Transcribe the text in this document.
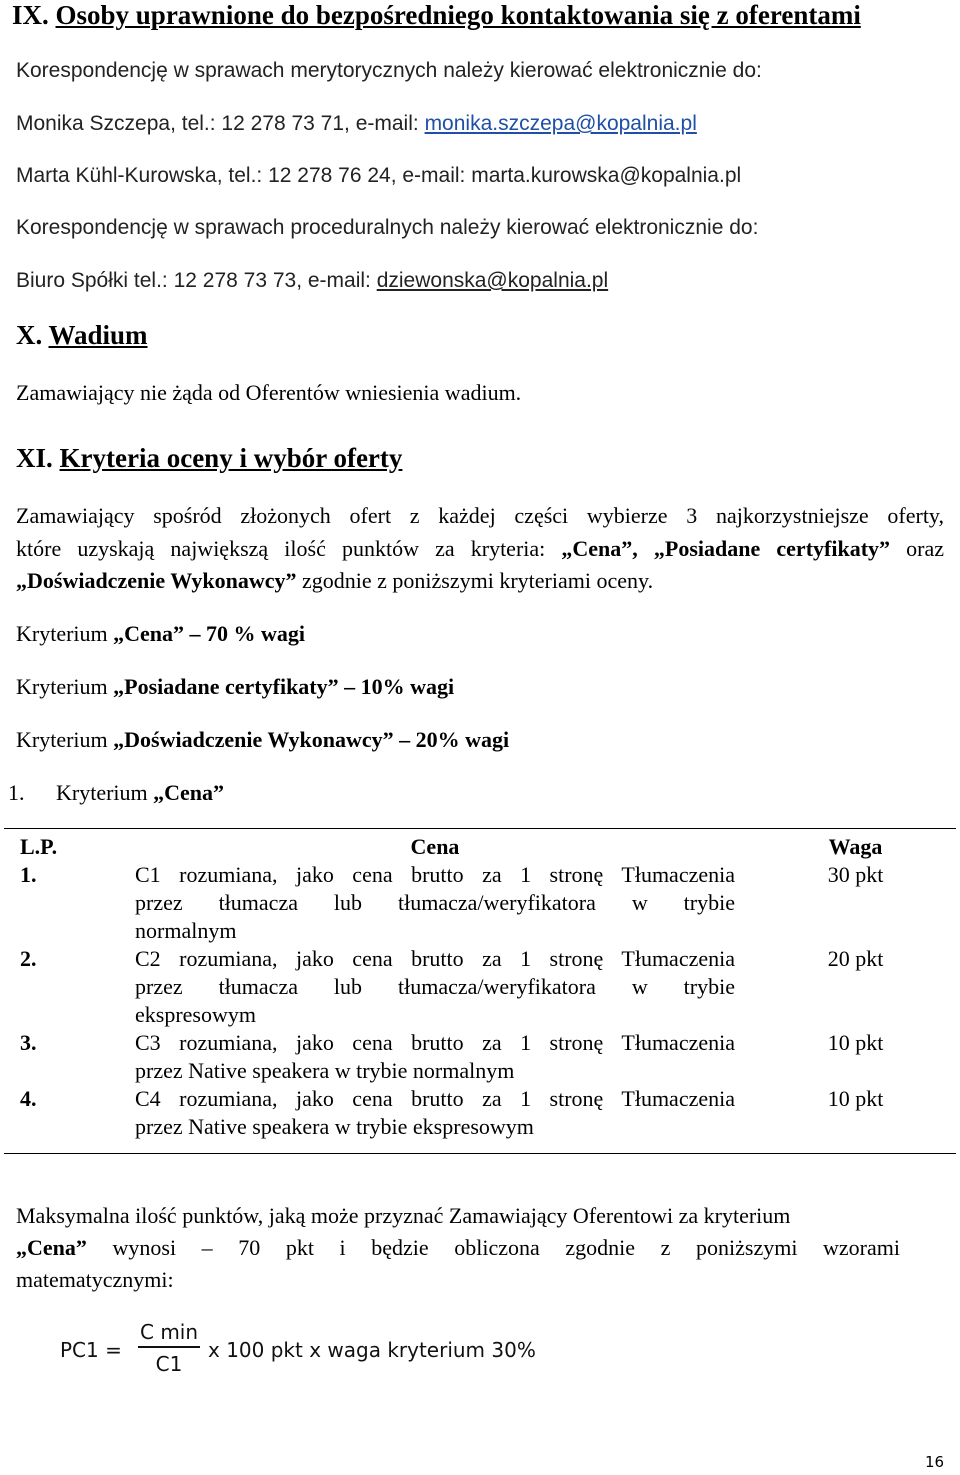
IX. Osoby uprawnione do bezpośredniego kontaktowania się z oferentami
Korespondencję w sprawach merytorycznych należy kierować elektronicznie do:
Monika Szczepa, tel.: 12 278 73 71, e-mail: monika.szczepa@kopalnia.pl
Marta Kühl-Kurowska, tel.: 12 278 76 24, e-mail: marta.kurowska@kopalnia.pl
Korespondencję w sprawach proceduralnych należy kierować elektronicznie do:
Biuro Spółki tel.: 12 278 73 73, e-mail: dziewonska@kopalnia.pl
X. Wadium
Zamawiający nie żąda od Oferentów wniesienia wadium.
XI. Kryteria oceny i wybór oferty
Zamawiający spośród złożonych ofert z każdej części wybierze 3 najkorzystniejsze oferty,
które uzyskają największą ilość punktów za kryteria: „Cena”, „Posiadane certyfikaty” oraz
„Doświadczenie Wykonawcy” zgodnie z poniższymi kryteriami oceny.
Kryterium „Cena” – 70 % wagi
Kryterium „Posiadane certyfikaty” – 10% wagi
Kryterium „Doświadczenie Wykonawcy” – 20% wagi
1. Kryterium „Cena”
L.P.	Cena	Waga
1.	C1 rozumiana, jako cena brutto za 1 stronę Tłumaczenia
przez tłumacza lub tłumacza/weryfikatora w trybie
normalnym	30 pkt
2.	C2 rozumiana, jako cena brutto za 1 stronę Tłumaczenia
przez tłumacza lub tłumacza/weryfikatora w trybie
ekspresowym	20 pkt
3.	C3 rozumiana, jako cena brutto za 1 stronę Tłumaczenia
przez Native speakera w trybie normalnym	10 pkt
4.	C4 rozumiana, jako cena brutto za 1 stronę Tłumaczenia
przez Native speakera w trybie ekspresowym	10 pkt
Maksymalna ilość punktów, jaką może przyznać Zamawiający Oferentowi za kryterium
„Cena” wynosi – 70 pkt i będzie obliczona zgodnie z poniższymi wzorami
matematycznymi:
PC1 =
C min
C1
x 100 pkt x waga kryterium 30%
16
